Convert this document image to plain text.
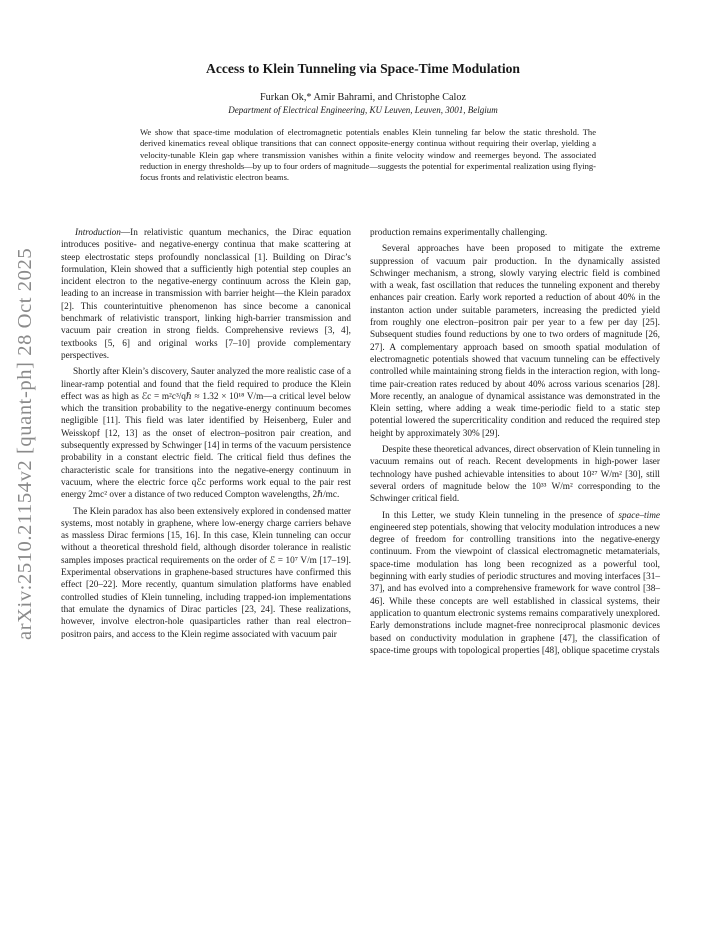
arXiv:2510.21154v2 [quant-ph] 28 Oct 2025
Access to Klein Tunneling via Space-Time Modulation
Furkan Ok,* Amir Bahrami, and Christophe Caloz
Department of Electrical Engineering, KU Leuven, Leuven, 3001, Belgium
We show that space-time modulation of electromagnetic potentials enables Klein tunneling far below the static threshold. The derived kinematics reveal oblique transitions that can connect opposite-energy continua without requiring their overlap, yielding a velocity-tunable Klein gap where transmission vanishes within a finite velocity window and reemerges beyond. The associated reduction in energy thresholds—by up to four orders of magnitude—suggests the potential for experimental realization using flying-focus fronts and relativistic electron beams.

Introduction—In relativistic quantum mechanics, the Dirac equation introduces positive- and negative-energy continua that make scattering at steep electrostatic steps profoundly nonclassical [1]. Building on Dirac’s formulation, Klein showed that a sufficiently high potential step couples an incident electron to the negative-energy continuum across the Klein gap, leading to an increase in transmission with barrier height—the Klein paradox [2]. This counterintuitive phenomenon has since become a canonical benchmark of relativistic transport, linking high-barrier transmission and vacuum pair creation in strong fields. Comprehensive reviews [3, 4], textbooks [5, 6] and original works [7–10] provide complementary perspectives.

Shortly after Klein’s discovery, Sauter analyzed the more realistic case of a linear-ramp potential and found that the field required to produce the Klein effect was as high as ℰc = m²c³/qℏ ≈ 1.32 × 10¹⁸ V/m—a critical level below which the transition probability to the negative-energy continuum becomes negligible [11]. This field was later identified by Heisenberg, Euler and Weisskopf [12, 13] as the onset of electron–positron pair creation, and subsequently expressed by Schwinger [14] in terms of the vacuum persistence probability in a constant electric field. The critical field thus defines the characteristic scale for transitions into the negative-energy continuum in vacuum, where the electric force qℰc performs work equal to the pair rest energy 2mc² over a distance of two reduced Compton wavelengths, 2ℏ/mc.

The Klein paradox has also been extensively explored in condensed matter systems, most notably in graphene, where low-energy charge carriers behave as massless Dirac fermions [15, 16]. In this case, Klein tunneling can occur without a theoretical threshold field, although disorder tolerance in realistic samples imposes practical requirements on the order of ℰ = 10⁷ V/m [17–19]. Experimental observations in graphene-based structures have confirmed this effect [20–22]. More recently, quantum simulation platforms have enabled controlled studies of Klein tunneling, including trapped-ion implementations that emulate the dynamics of Dirac particles [23, 24]. These realizations, however, involve electron-hole quasiparticles rather than real electron–positron pairs, and access to the Klein regime associated with vacuum pair

production remains experimentally challenging.

Several approaches have been proposed to mitigate the extreme suppression of vacuum pair production. In the dynamically assisted Schwinger mechanism, a strong, slowly varying electric field is combined with a weak, fast oscillation that reduces the tunneling exponent and thereby enhances pair creation. Early work reported a reduction of about 40% in the instanton action under suitable parameters, increasing the predicted yield from roughly one electron–positron pair per year to a few per day [25]. Subsequent studies found reductions by one to two orders of magnitude [26, 27]. A complementary approach based on smooth spatial modulation of electromagnetic potentials showed that vacuum tunneling can be effectively controlled while maintaining strong fields in the interaction region, with long-time pair-creation rates reduced by about 40% across various scenarios [28]. More recently, an analogue of dynamical assistance was demonstrated in the Klein setting, where adding a weak time-periodic field to a static step potential lowered the supercriticality condition and reduced the required step height by approximately 30% [29].

Despite these theoretical advances, direct observation of Klein tunneling in vacuum remains out of reach. Recent developments in high-power laser technology have pushed achievable intensities to about 10²⁷ W/m² [30], still several orders of magnitude below the 10³³ W/m² corresponding to the Schwinger critical field.

In this Letter, we study Klein tunneling in the presence of space–time engineered step potentials, showing that velocity modulation introduces a new degree of freedom for controlling transitions into the negative-energy continuum. From the viewpoint of classical electromagnetic metamaterials, space-time modulation has long been recognized as a powerful tool, beginning with early studies of periodic structures and moving interfaces [31–37], and has evolved into a comprehensive framework for wave control [38–46]. While these concepts are well established in classical systems, their application to quantum electronic systems remains comparatively unexplored. Early demonstrations include magnet-free nonreciprocal plasmonic devices based on conductivity modulation in graphene [47], the classification of space-time groups with topological properties [48], oblique spacetime crystals
